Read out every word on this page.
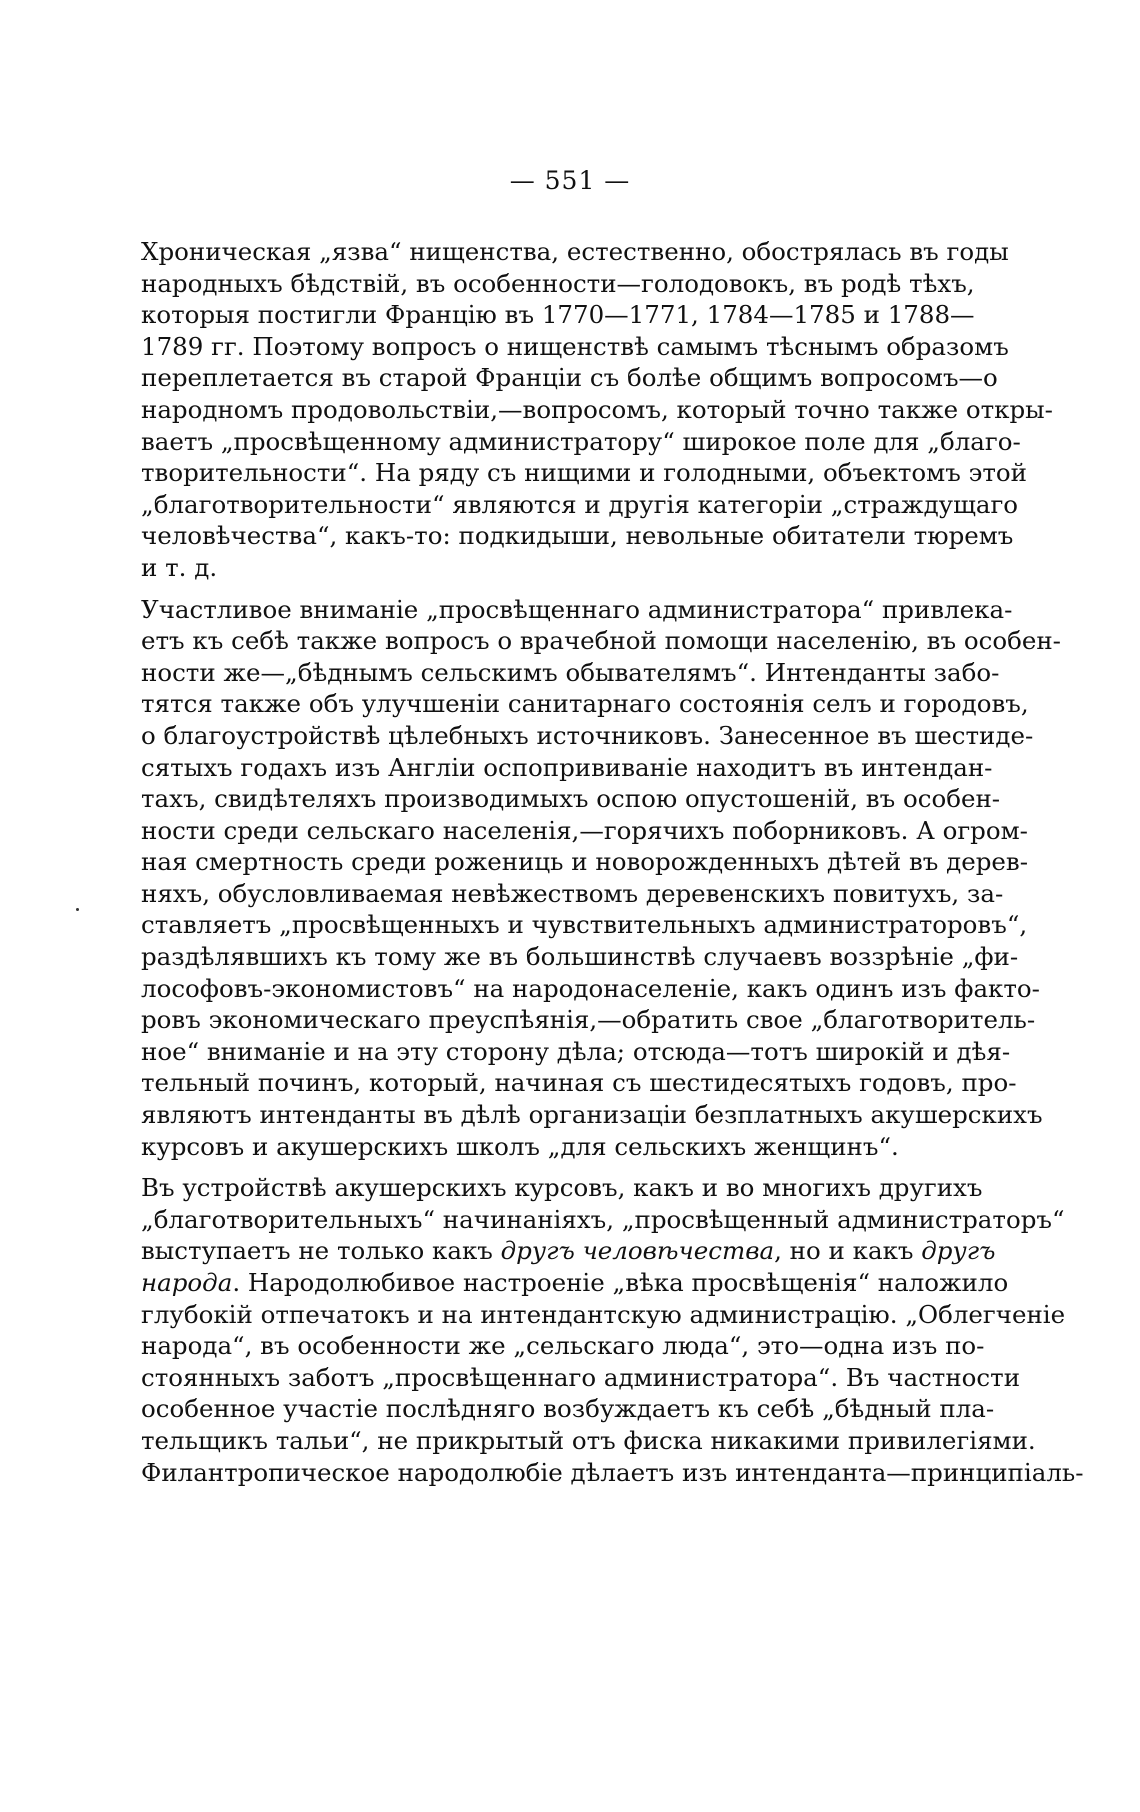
— 551 —
Хроническая „язва“ нищенства, естественно, обострялась въ годы
народныхъ бѣдствій, въ особенности—голодовокъ, въ родѣ тѣхъ,
которыя постигли Францію въ 1770—1771, 1784—1785 и 1788—
1789 гг. Поэтому вопросъ о нищенствѣ самымъ тѣснымъ образомъ
переплетается въ старой Франціи съ болѣе общимъ вопросомъ—о
народномъ продовольствіи,—вопросомъ, который точно также откры-
ваетъ „просвѣщенному администратору“ широкое поле для „благо-
творительности“. На ряду съ нищими и голодными, объектомъ этой
„благотворительности“ являются и другія категоріи „страждущаго
человѣчества“, какъ-то: подкидыши, невольные обитатели тюремъ
и т. д.
Участливое вниманіе „просвѣщеннаго администратора“ привлека-
етъ къ себѣ также вопросъ о врачебной помощи населенію, въ особен-
ности же—„бѣднымъ сельскимъ обывателямъ“. Интенданты забо-
тятся также объ улучшеніи санитарнаго состоянія селъ и городовъ,
о благоустройствѣ цѣлебныхъ источниковъ. Занесенное въ шестиде-
сятыхъ годахъ изъ Англіи оспопрививаніе находитъ въ интендан-
тахъ, свидѣтеляхъ производимыхъ оспою опустошеній, въ особен-
ности среди сельскаго населенія,—горячихъ поборниковъ. А огром-
ная смертность среди рожениць и новорожденныхъ дѣтей въ дерев-
няхъ, обусловливаемая невѣжествомъ деревенскихъ повитухъ, за-
ставляетъ „просвѣщенныхъ и чувствительныхъ администраторовъ“,
раздѣлявшихъ къ тому же въ большинствѣ случаевъ воззрѣніе „фи-
лософовъ-экономистовъ“ на народонаселеніе, какъ одинъ изъ факто-
ровъ экономическаго преуспѣянія,—обратить свое „благотворитель-
ное“ вниманіе и на эту сторону дѣла; отсюда—тотъ широкій и дѣя-
тельный починъ, который, начиная съ шестидесятыхъ годовъ, про-
являютъ интенданты въ дѣлѣ организаціи безплатныхъ акушерскихъ
курсовъ и акушерскихъ школъ „для сельскихъ женщинъ“.
Въ устройствѣ акушерскихъ курсовъ, какъ и во многихъ другихъ
„благотворительныхъ“ начинаніяхъ, „просвѣщенный администраторъ“
выступаетъ не только какъ другъ человѣчества, но и какъ другъ
народа. Народолюбивое настроеніе „вѣка просвѣщенія“ наложило
глубокій отпечатокъ и на интендантскую администрацію. „Облегченіе
народа“, въ особенности же „сельскаго люда“, это—одна изъ по-
стоянныхъ заботъ „просвѣщеннаго администратора“. Въ частности
особенное участіе послѣдняго возбуждаетъ къ себѣ „бѣдный пла-
тельщикъ тальи“, не прикрытый отъ фиска никакими привилегіями.
Филантропическое народолюбіе дѣлаетъ изъ интенданта—принципіаль-
